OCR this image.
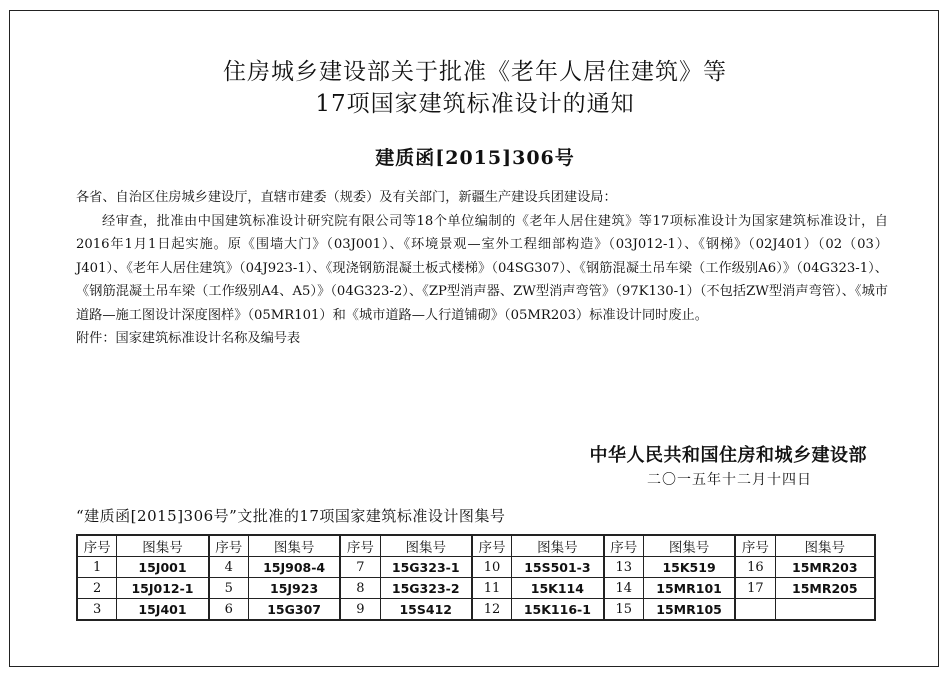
住房城乡建设部关于批准《老年人居住建筑》等
17项国家建筑标准设计的通知
建质函[2015]306号

各省、自治区住房城乡建设厅，直辖市建委（规委）及有关部门，新疆生产建设兵团建设局：

经审查，批准由中国建筑标准设计研究院有限公司等18个单位编制的《老年人居住建筑》等17项标准设计为国家建筑标准设计，自2016年1月1日起实施。原《围墙大门》（03J001）、《环境景观—室外工程细部构造》（03J012-1）、《钢梯》（02J401）（02（03）J401）、《老年人居住建筑》（04J923-1）、《现浇钢筋混凝土板式楼梯》（04SG307）、《钢筋混凝土吊车梁（工作级别A6）》（04G323-1）、《钢筋混凝土吊车梁（工作级别A4、A5）》（04G323-2）、《ZP型消声器、ZW型消声弯管》（97K130-1）（不包括ZW型消声弯管）、《城市道路—施工图设计深度图样》（05MR101）和《城市道路—人行道铺砌》（05MR203）标准设计同时废止。

附件：国家建筑标准设计名称及编号表

中华人民共和国住房和城乡建设部
二〇一五年十二月十四日
“建质函[2015]306号”文批准的17项国家建筑标准设计图集号
序号	图集号	序号	图集号	序号	图集号	序号	图集号	序号	图集号	序号	图集号
1	15J001	4	15J908-4	7	15G323-1	10	15S501-3	13	15K519	16	15MR203
2	15J012-1	5	15J923	8	15G323-2	11	15K114	14	15MR101	17	15MR205
3	15J401	6	15G307	9	15S412	12	15K116-1	15	15MR105		
